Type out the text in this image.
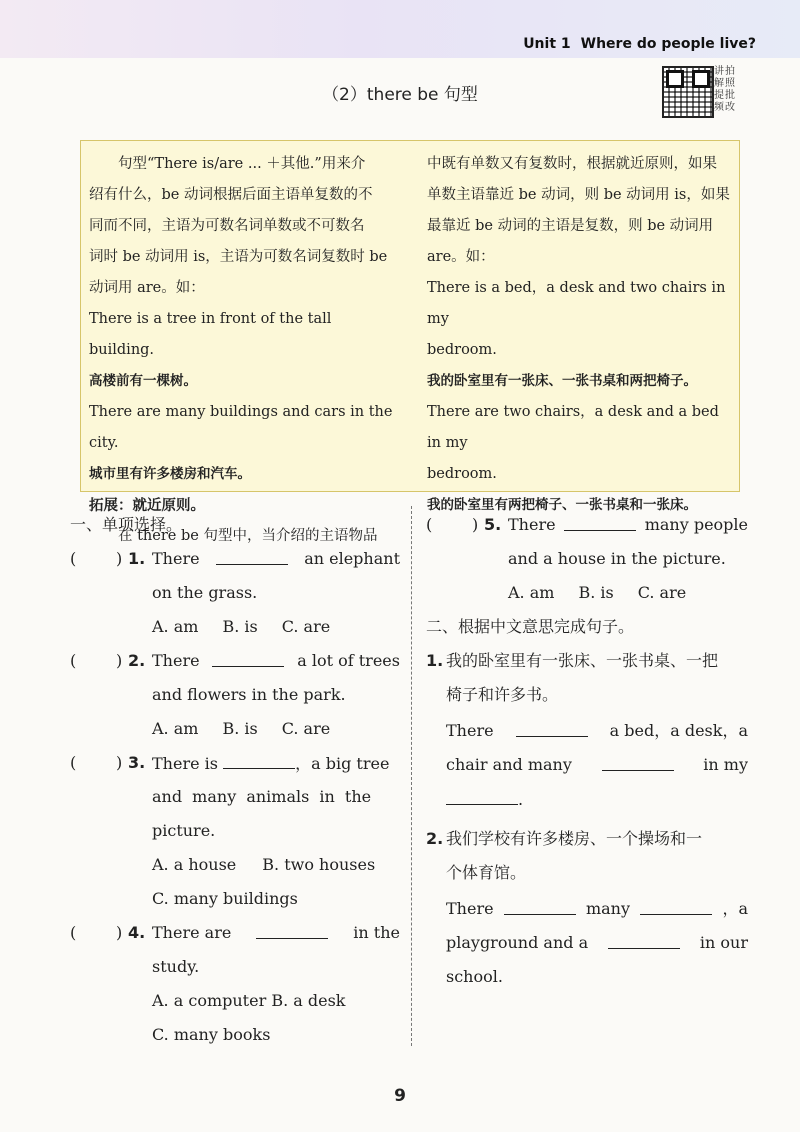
Unit 1 Where do people live?
（2）there be 句型
讲拍解照提批频改

句型“There is/are ... ＋其他.”用来介

绍有什么，be 动词根据后面主语单复数的不

同而不同，主语为可数名词单数或不可数名

词时 be 动词用 is，主语为可数名词复数时 be

动词用 are。如：

There is a tree in front of the tall building.

高楼前有一棵树。

There are many buildings and cars in the city.

城市里有许多楼房和汽车。

拓展：就近原则。

在 there be 句型中，当介绍的主语物品

中既有单数又有复数时，根据就近原则，如果

单数主语靠近 be 动词，则 be 动词用 is，如果

最靠近 be 动词的主语是复数，则 be 动词用

are。如：

There is a bed，a desk and two chairs in my

bedroom.

我的卧室里有一张床、一张书桌和两把椅子。

There are two chairs，a desk and a bed in my

bedroom.

我的卧室里有两把椅子、一张书桌和一张床。

一、单项选择。
( ) 1. There	an elephant
on the grass.
A. am B. is C. are
( ) 2. There	a lot of trees
and flowers in the park.
A. am B. is C. are
( ) 3. There is	，a big tree
and many animals in the
picture.
A. a house B. two houses
C. many buildings
( ) 4. There are	in the
study.
A. a computer B. a desk
C. many books
( ) 5. There	many people
and a house in the picture.
A. am B. is C. are
二、根据中文意思完成句子。
1. 我的卧室里有一张床、一张书桌、一把
椅子和许多书。
There	a bed，a desk，a
chair and many	in my
.
2. 我们学校有许多楼房、一个操场和一
个体育馆。
There	many	，a
playground and a	in our
school.
9
